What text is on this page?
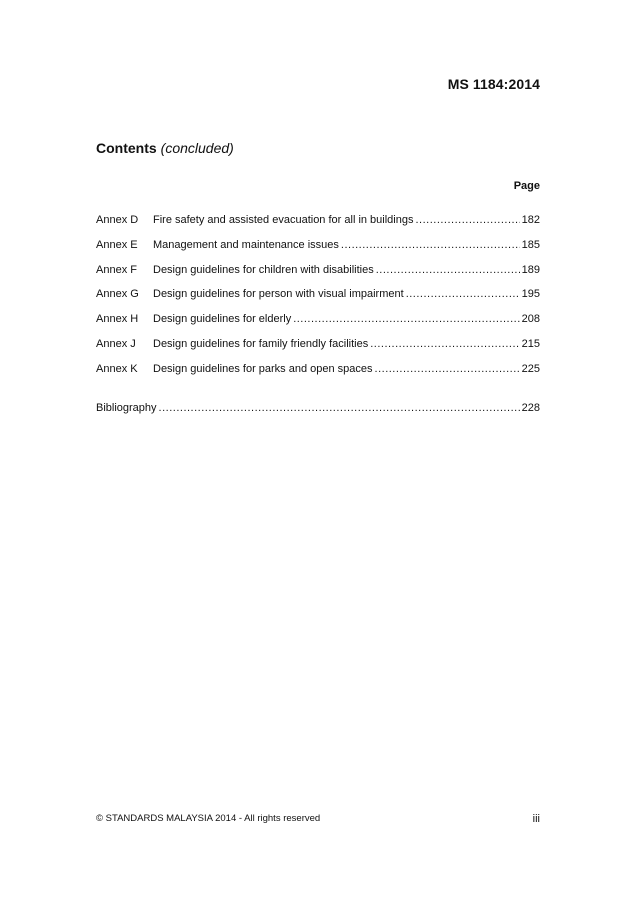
MS 1184:2014
Contents (concluded)
Page
Annex D	Fire safety and assisted evacuation for all in buildings .....	182
Annex E	Management and maintenance issues .....	185
Annex F	Design guidelines for children with disabilities .....	189
Annex G	Design guidelines for person with visual impairment .....	195
Annex H	Design guidelines for elderly .....	208
Annex J	Design guidelines for family friendly facilities .....	215
Annex K	Design guidelines for parks and open spaces .....	225
Bibliography .....	228
© STANDARDS MALAYSIA 2014 - All rights reserved	iii
